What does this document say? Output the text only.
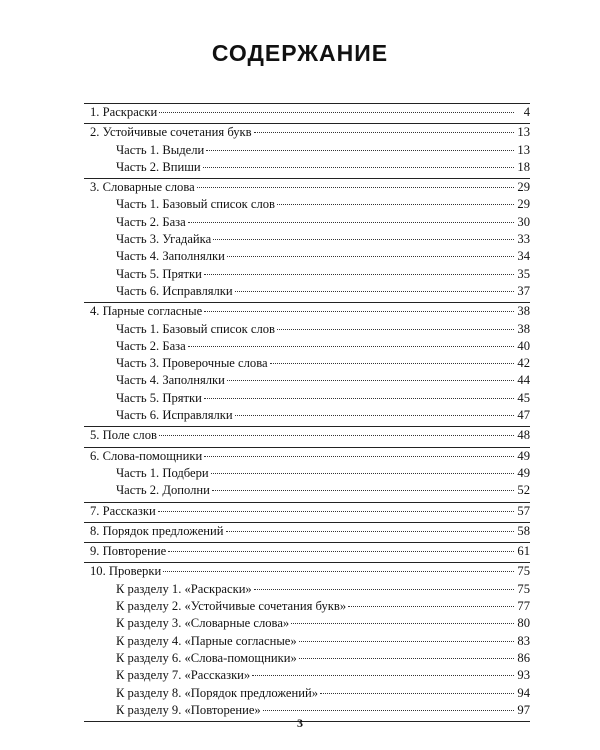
СОДЕРЖАНИЕ
1. Раскраски	4
2. Устойчивые сочетания букв	13
Часть 1. Выдели	13
Часть 2. Впиши	18
3. Словарные слова	29
Часть 1. Базовый список слов	29
Часть 2. База	30
Часть 3. Угадайка	33
Часть 4. Заполнялки	34
Часть 5. Прятки	35
Часть 6. Исправлялки	37
4. Парные согласные	38
Часть 1. Базовый список слов	38
Часть 2. База	40
Часть 3. Проверочные слова	42
Часть 4. Заполнялки	44
Часть 5. Прятки	45
Часть 6. Исправлялки	47
5. Поле слов	48
6. Слова-помощники	49
Часть 1. Подбери	49
Часть 2. Дополни	52
7. Рассказки	57
8. Порядок предложений	58
9. Повторение	61
10. Проверки	75
К разделу 1. «Раскраски»	75
К разделу 2. «Устойчивые сочетания букв»	77
К разделу 3. «Словарные слова»	80
К разделу 4. «Парные согласные»	83
К разделу 6. «Слова-помощники»	86
К разделу 7. «Рассказки»	93
К разделу 8. «Порядок предложений»	94
К разделу 9. «Повторение»	97
3
